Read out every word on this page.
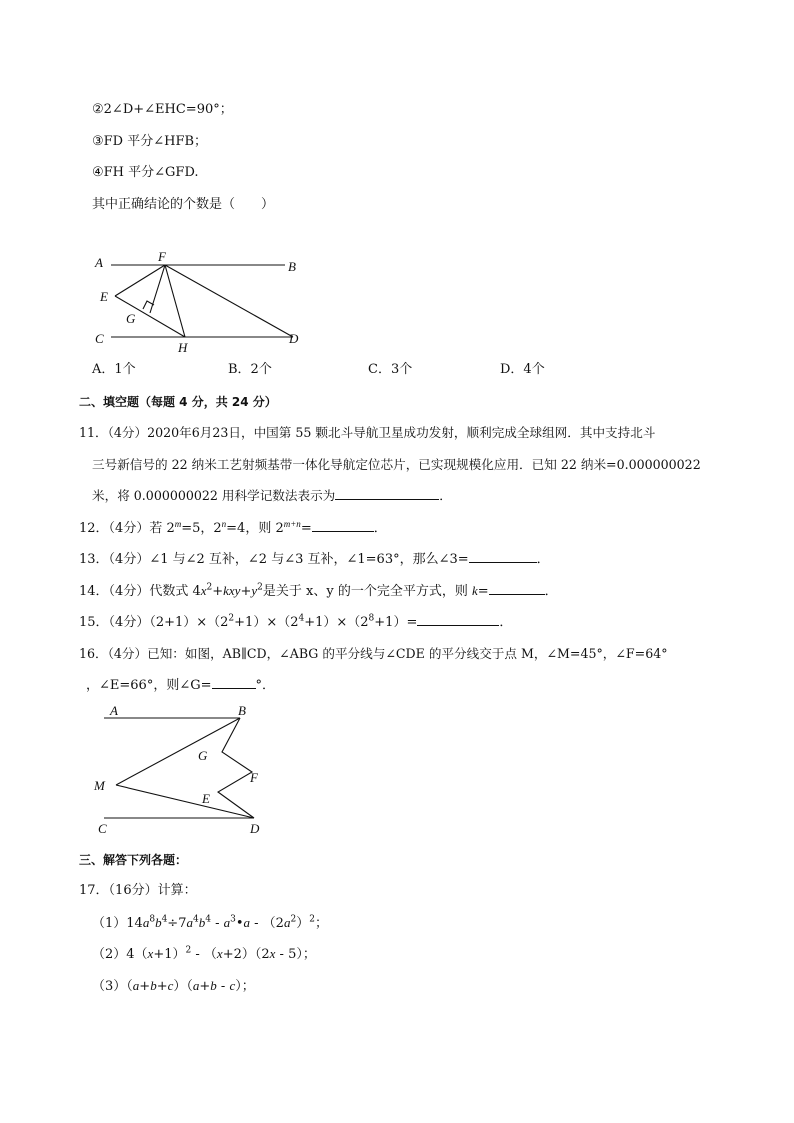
②2∠D+∠EHC=90°；
③FD 平分∠HFB；
④FH 平分∠GFD.
其中正确结论的个数是（　　）
A	F
B
E
G
C
H
D
A．1个	B．2个	C．3个	D．4个
二、填空题（每题 4 分，共 24 分）
11．（4分）2020年6月23日，中国第 55 颗北斗导航卫星成功发射，顺利完成全球组网．其中支持北斗
三号新信号的 22 纳米工艺射频基带一体化导航定位芯片，已实现规模化应用．已知 22 纳米=0.000000022
米，将 0.000000022 用科学记数法表示为	．
12．（4分）若 $2^m=5$，$2^n=4$，则 $2^{m+n}=$	．
13．（4分）∠1 与∠2 互补，∠2 与∠3 互补，∠1=63°，那么∠3=	．
14．（4分）代数式 $4x^2+kxy+y^2$是关于 x、y 的一个完全平方式，则 k=	．
15．（4分）$(2+1)\times(2^2+1)\times(2^4+1)\times(2^8+1)=$	．
16．（4分）已知：如图，AB∥CD，∠ABG 的平分线与∠CDE 的平分线交于点 M，∠M=45°，∠F=64°
，∠E=66°，则∠G=	°．
A	B
G
F
M
E
C	D
三、解答下列各题：
17．（16分）计算：
$(1)14a^8b^4\div 7a^4b^4$ - $a^3•a - (2a^2)^2$；
$(2)4(x+1)^2 - (x+2)(2x - 5)$；
（3）（a+b+c）（a+b - c）；
